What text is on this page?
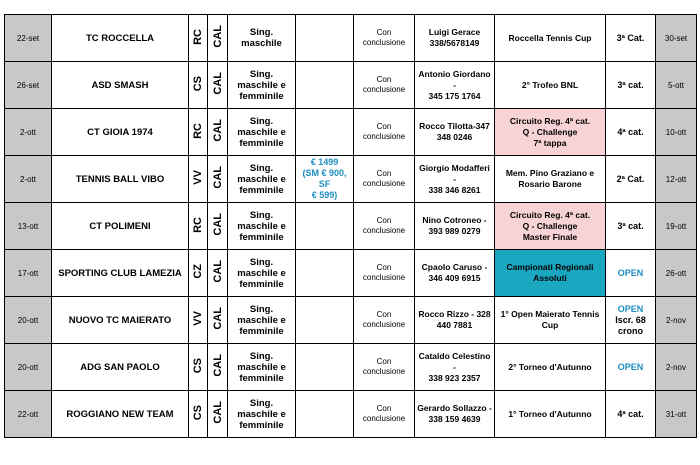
22-set	TC ROCCELLA	RC	CAL	Sing.
maschile		Con
conclusione	Luigi Gerace
338/5678149	Roccella Tennis Cup	3ª Cat.	30-set
26-set	ASD SMASH	CS	CAL	Sing.
maschile e
femminile		Con
conclusione	Antonio Giordano -
345 175 1764	2° Trofeo BNL	3ª cat.	5-ott
2-ott	CT GIOIA 1974	RC	CAL	Sing.
maschile e
femminile		Con
conclusione	Rocco Tilotta-347
348 0246	Circuito Reg. 4ª cat.
Q - Challenge
7ª tappa	4ª cat.	10-ott
2-ott	TENNIS BALL VIBO	VV	CAL	Sing.
maschile e
femminile	€ 1499
(SM € 900, SF
€ 599)	Con
conclusione	Giorgio Modafferi -
338 346 8261	Mem. Pino Graziano e
Rosario Barone	2ª Cat.	12-ott
13-ott	CT POLIMENI	RC	CAL	Sing.
maschile e
femminile		Con
conclusione	Nino Cotroneo -
393 989 0279	Circuito Reg. 4ª cat.
Q - Challenge
Master Finale	3ª cat.	19-ott
17-ott	SPORTING CLUB LAMEZIA	CZ	CAL	Sing.
maschile e
femminile		Con
conclusione	Cpaolo Caruso -
346 409 6915	Campionati Regionali
Assoluti	OPEN	26-ott
20-ott	NUOVO TC MAIERATO	VV	CAL	Sing.
maschile e
femminile		Con
conclusione	Rocco Rizzo - 328
440 7881	1° Open Maierato Tennis
Cup	OPEN
Iscr. 68
crono	2-nov
20-ott	ADG SAN PAOLO	CS	CAL	Sing.
maschile e
femminile		Con
conclusione	Cataldo Celestino -
338 923 2357	2° Torneo d'Autunno	OPEN	2-nov
22-ott	ROGGIANO NEW TEAM	CS	CAL	Sing.
maschile e
femminile		Con
conclusione	Gerardo Sollazzo -
338 159 4639	1° Torneo d'Autunno	4ª cat.	31-ott
